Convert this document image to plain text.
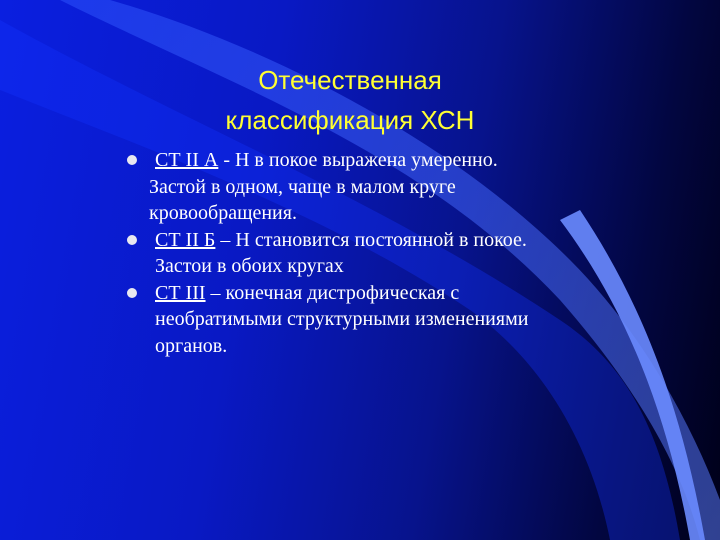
Отечественная
классификация ХСН
СТ II А - Н в покое выражена умеренно.
Застой в одном, чаще в малом круге кровообращения.
СТ II Б – Н становится постоянной в покое. Застои в обоих кругах
СТ III – конечная дистрофическая с необратимыми структурными изменениями органов.
